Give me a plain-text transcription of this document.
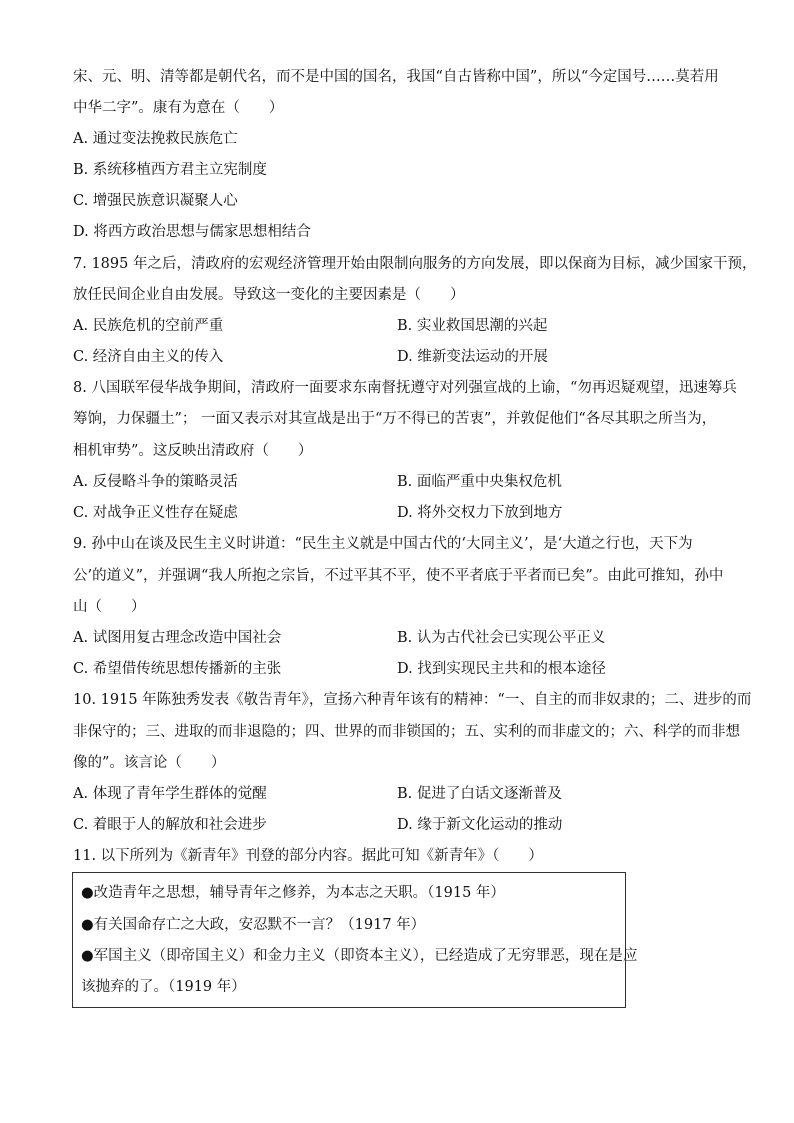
宋、元、明、清等都是朝代名，而不是中国的国名，我国“自古皆称中国”，所以“今定国号……莫若用
中华二字”。康有为意在（　　）
A. 通过变法挽救民族危亡
B. 系统移植西方君主立宪制度
C. 增强民族意识凝聚人心
D. 将西方政治思想与儒家思想相结合
7. 1895 年之后，清政府的宏观经济管理开始由限制向服务的方向发展，即以保商为目标，减少国家干预，
放任民间企业自由发展。导致这一变化的主要因素是（　　）
A. 民族危机的空前严重	B. 实业救国思潮的兴起
C. 经济自由主义的传入	D. 维新变法运动的开展
8. 八国联军侵华战争期间，清政府一面要求东南督抚遵守对列强宣战的上谕，“勿再迟疑观望，迅速筹兵
筹饷，力保疆土”； 一面又表示对其宣战是出于“万不得已的苦衷”，并敦促他们“各尽其职之所当为，
相机审势”。这反映出清政府（　　）
A. 反侵略斗争的策略灵活	B. 面临严重中央集权危机
C. 对战争正义性存在疑虑	D. 将外交权力下放到地方
9. 孙中山在谈及民生主义时讲道：“民生主义就是中国古代的‘大同主义’，是‘大道之行也，天下为
公’的道义”，并强调“我人所抱之宗旨，不过平其不平，使不平者底于平者而已矣”。由此可推知，孙中
山（　　）
A. 试图用复古理念改造中国社会	B. 认为古代社会已实现公平正义
C. 希望借传统思想传播新的主张	D. 找到实现民主共和的根本途径
10. 1915 年陈独秀发表《敬告青年》，宣扬六种青年该有的精神：“一、自主的而非奴隶的；二、进步的而
非保守的；三、进取的而非退隐的；四、世界的而非锁国的；五、实利的而非虚文的；六、科学的而非想
像的”。该言论（　　）
A. 体现了青年学生群体的觉醒	B. 促进了白话文逐渐普及
C. 着眼于人的解放和社会进步	D. 缘于新文化运动的推动
11. 以下所列为《新青年》刊登的部分内容。据此可知《新青年》（　　）
●改造青年之思想，辅导青年之修养，为本志之天职。（1915 年）
●有关国命存亡之大政，安忍默不一言？（1917 年）
●军国主义（即帝国主义）和金力主义（即资本主义），已经造成了无穷罪恶，现在是应
该抛弃的了。（1919 年）
